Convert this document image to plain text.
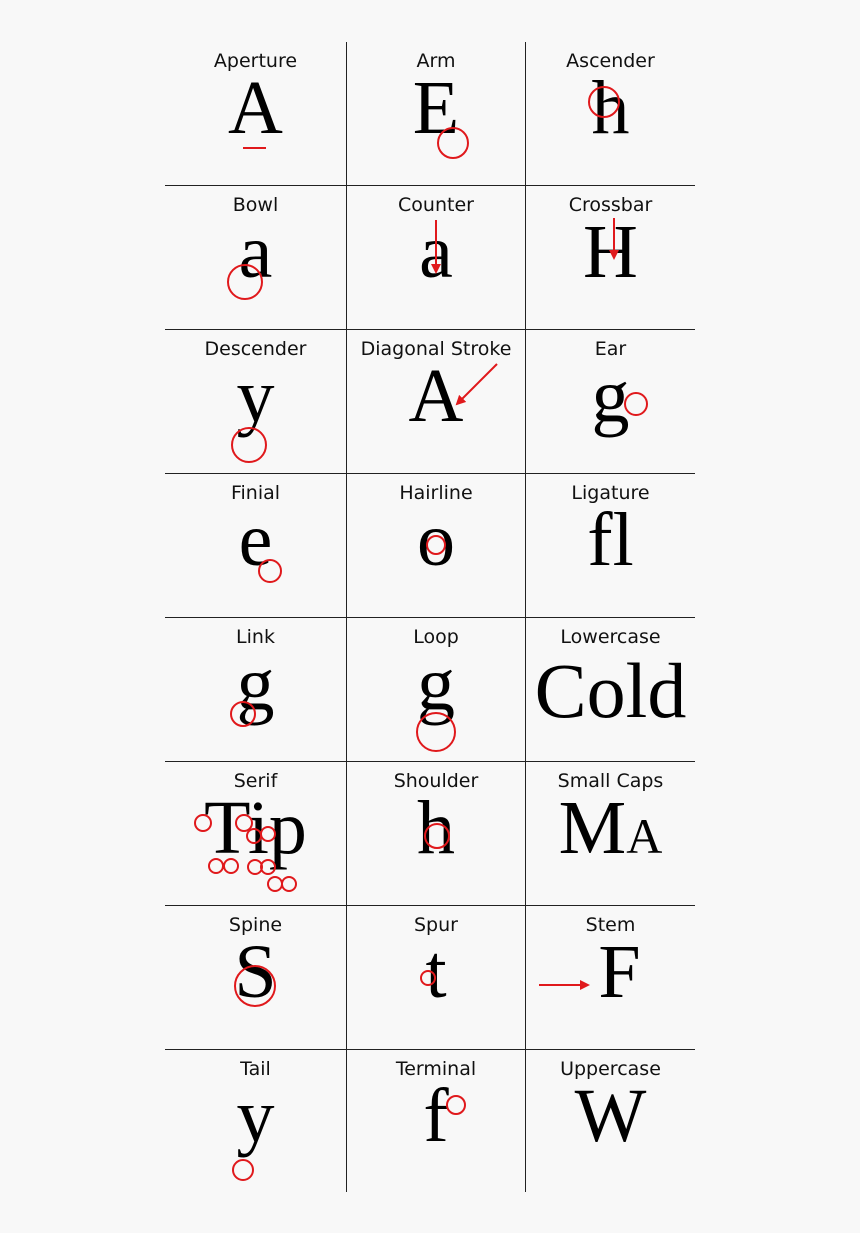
Aperture
A
Arm
E
Ascender
h
Bowl
a
Counter
a
Crossbar
H
Descender
y
Diagonal Stroke
A
Ear
g
Finial
e
Hairline
o
Ligature
fl
Link
g
Loop
g
Lowercase
Cold
Serif
Tip
Shoulder
h
Small Caps
MA
Spine
S
Spur
t
Stem
F
Tail
y
Terminal
f
Uppercase
W
